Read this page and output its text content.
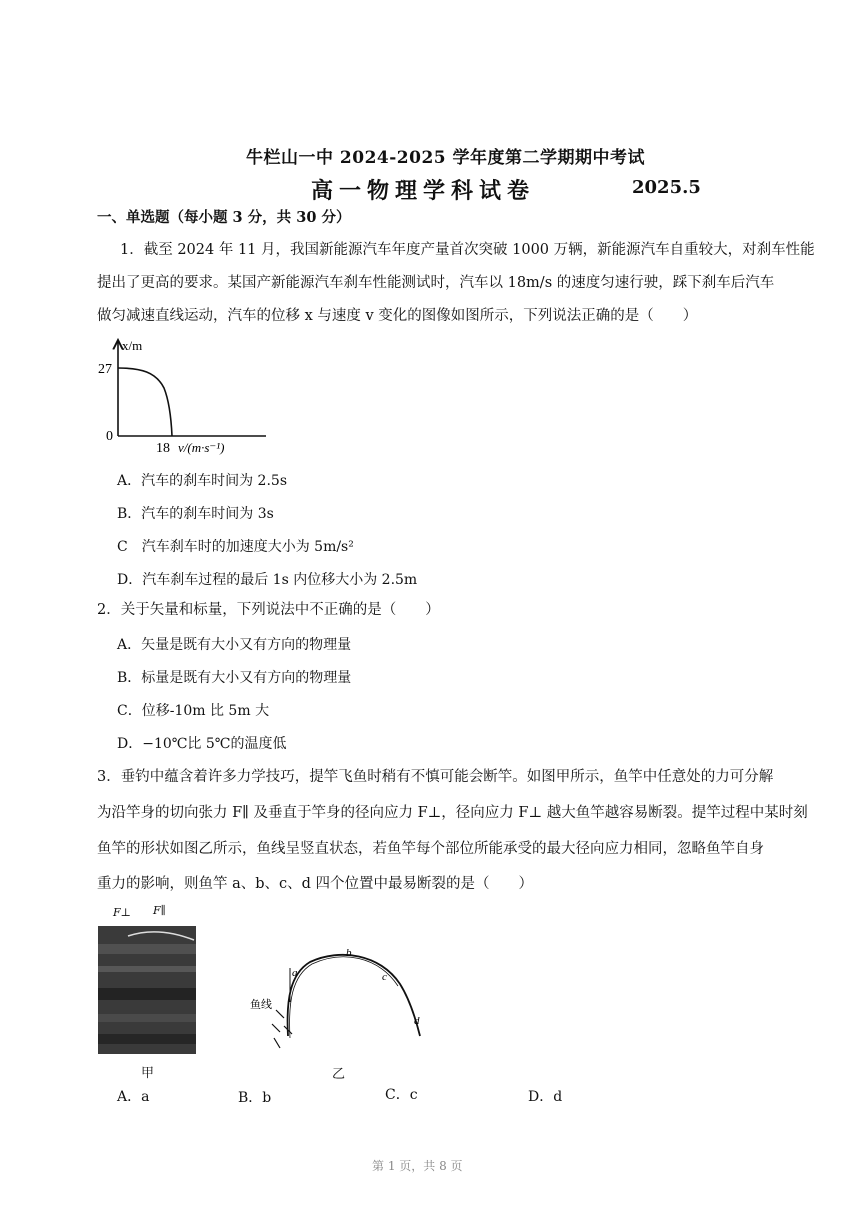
牛栏山一中 2024-2025 学年度第二学期期中考试
高一物理学科试卷	2025.5
一、单选题（每小题 3 分，共 30 分）
1．截至 2024 年 11 月，我国新能源汽车年度产量首次突破 1000 万辆，新能源汽车自重较大，对刹车性能
提出了更高的要求。某国产新能源汽车刹车性能测试时，汽车以 18m/s 的速度匀速行驶，踩下刹车后汽车
做匀减速直线运动，汽车的位移 x 与速度 v 变化的图像如图所示，下列说法正确的是（　　）
x/m
27
0
18 v/(m·s⁻¹)
A．汽车的刹车时间为 2.5s
B．汽车的刹车时间为 3s
C　汽车刹车时的加速度大小为 5m/s²
D．汽车刹车过程的最后 1s 内位移大小为 2.5m
2．关于矢量和标量，下列说法中不正确的是（　　）
A．矢量是既有大小又有方向的物理量
B．标量是既有大小又有方向的物理量
C．位移-10m 比 5m 大
D．−10℃比 5℃的温度低
3．垂钓中蕴含着许多力学技巧，提竿飞鱼时稍有不慎可能会断竿。如图甲所示，鱼竿中任意处的力可分解
为沿竿身的切向张力 F∥ 及垂直于竿身的径向应力 F⊥，径向应力 F⊥ 越大鱼竿越容易断裂。提竿过程中某时刻
鱼竿的形状如图乙所示，鱼线呈竖直状态，若鱼竿每个部位所能承受的最大径向应力相同，忽略鱼竿自身
重力的影响，则鱼竿 a、b、c、d 四个位置中最易断裂的是（　　）
F⊥ F∥
甲
b
c
d
a
鱼线
乙
A．a	B．b	C．c	D．d
第 1 页，共 8 页
